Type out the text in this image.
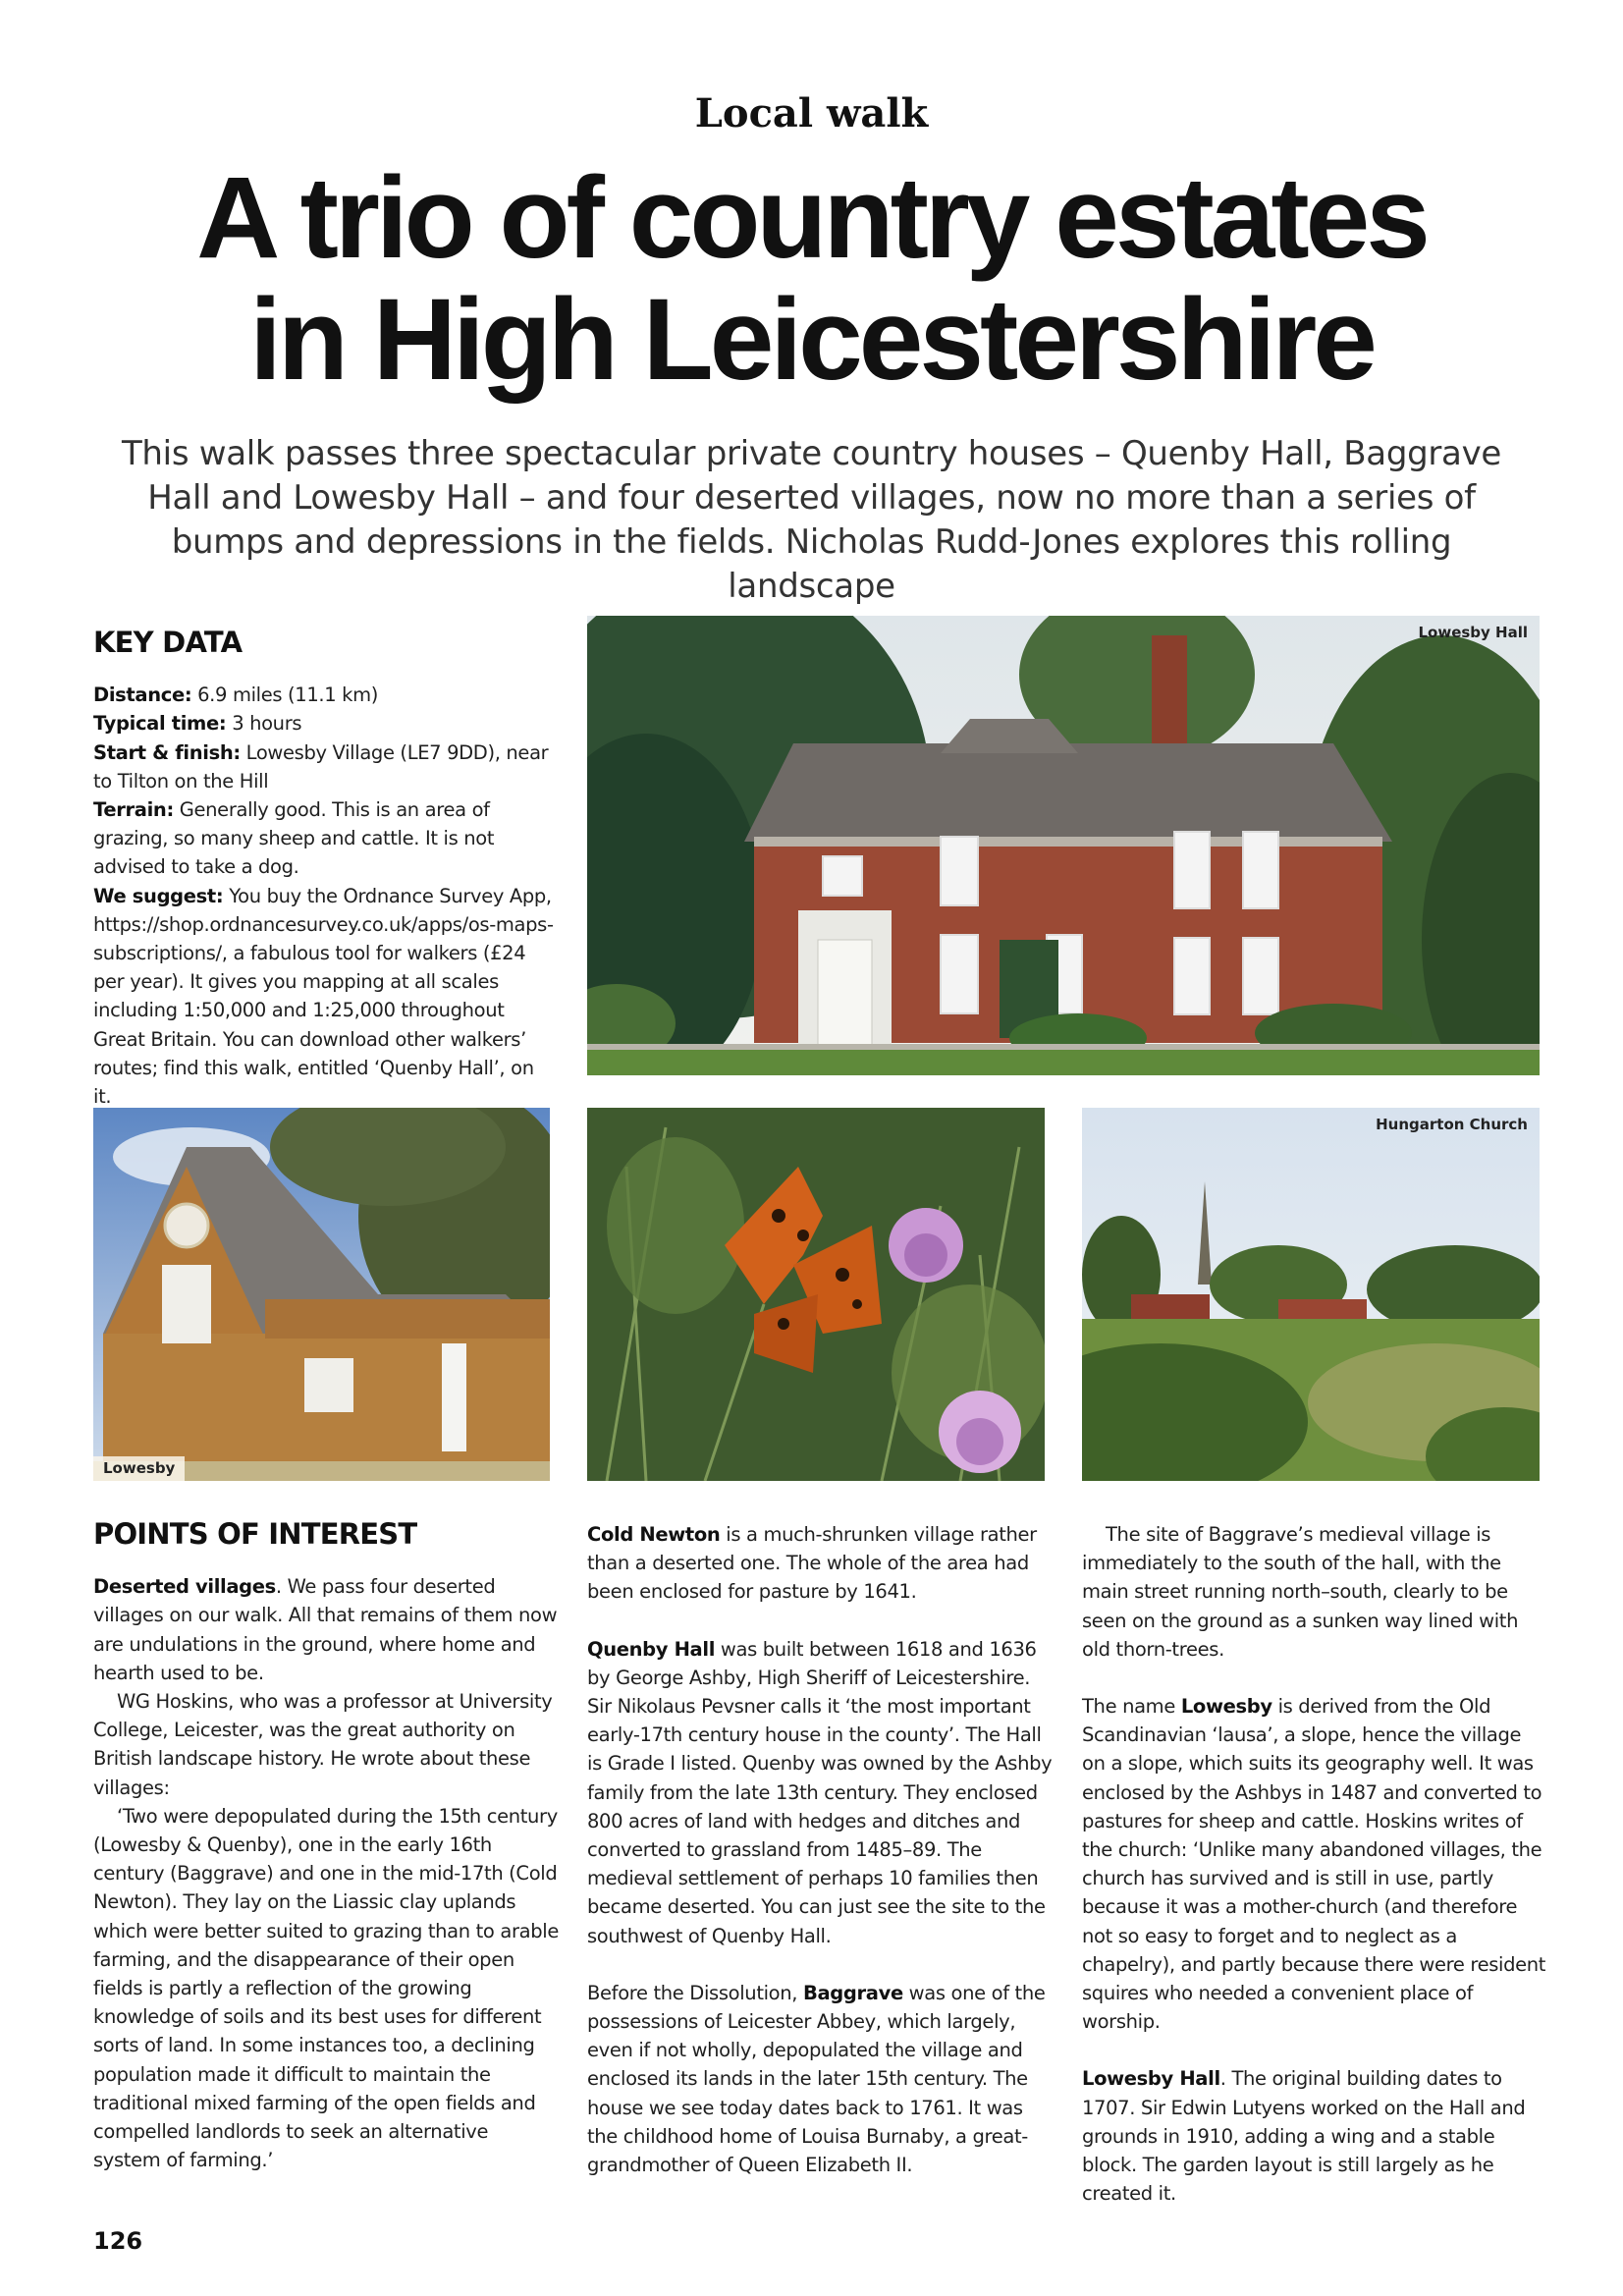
Local walk
A trio of country estates
in High Leicestershire

This walk passes three spectacular private country houses – Quenby Hall, Baggrave Hall and Lowesby Hall – and four deserted villages, now no more than a series of bumps and depressions in the fields. Nicholas Rudd-Jones explores this rolling landscape

KEY DATA

Distance: 6.9 miles (11.1 km)

Typical time: 3 hours

Start & finish: Lowesby Village (LE7 9DD), near to Tilton on the Hill

Terrain: Generally good. This is an area of grazing, so many sheep and cattle. It is not advised to take a dog.

We suggest: You buy the Ordnance Survey App, https://shop.ordnancesurvey.co.uk/apps/os-maps-subscriptions/, a fabulous tool for walkers (£24 per year). It gives you mapping at all scales including 1:50,000 and 1:25,000 throughout Great Britain. You can download other walkers’ routes; find this walk, entitled ‘Quenby Hall’, on it.

Lowesby Hall
Lowesby
Hungarton Church
POINTS OF INTEREST

Deserted villages. We pass four deserted villages on our walk. All that remains of them now are undulations in the ground, where home and hearth used to be.

WG Hoskins, who was a professor at University College, Leicester, was the great authority on British landscape history. He wrote about these villages:

‘Two were depopulated during the 15th century (Lowesby & Quenby), one in the early 16th century (Baggrave) and one in the mid-17th (Cold Newton). They lay on the Liassic clay uplands which were better suited to grazing than to arable farming, and the disappearance of their open fields is partly a reflection of the growing knowledge of soils and its best uses for different sorts of land. In some instances too, a declining population made it difficult to maintain the traditional mixed farming of the open fields and compelled landlords to seek an alternative system of farming.’

Cold Newton is a much-shrunken village rather than a deserted one. The whole of the area had been enclosed for pasture by 1641.

Quenby Hall was built between 1618 and 1636 by George Ashby, High Sheriff of Leicestershire. Sir Nikolaus Pevsner calls it ‘the most important early-17th century house in the county’. The Hall is Grade I listed. Quenby was owned by the Ashby family from the late 13th century. They enclosed 800 acres of land with hedges and ditches and converted to grassland from 1485–89. The medieval settlement of perhaps 10 families then became deserted. You can just see the site to the southwest of Quenby Hall.

Before the Dissolution, Baggrave was one of the possessions of Leicester Abbey, which largely, even if not wholly, depopulated the village and enclosed its lands in the later 15th century. The house we see today dates back to 1761. It was the childhood home of Louisa Burnaby, a great-grandmother of Queen Elizabeth II.

The site of Baggrave’s medieval village is immediately to the south of the hall, with the main street running north–south, clearly to be seen on the ground as a sunken way lined with old thorn-trees.

The name Lowesby is derived from the Old Scandinavian ‘lausa’, a slope, hence the village on a slope, which suits its geography well. It was enclosed by the Ashbys in 1487 and converted to pastures for sheep and cattle. Hoskins writes of the church: ‘Unlike many abandoned villages, the church has survived and is still in use, partly because it was a mother-church (and therefore not so easy to forget and to neglect as a chapelry), and partly because there were resident squires who needed a convenient place of worship.

Lowesby Hall. The original building dates to 1707. Sir Edwin Lutyens worked on the Hall and grounds in 1910, adding a wing and a stable block. The garden layout is still largely as he created it.

126
